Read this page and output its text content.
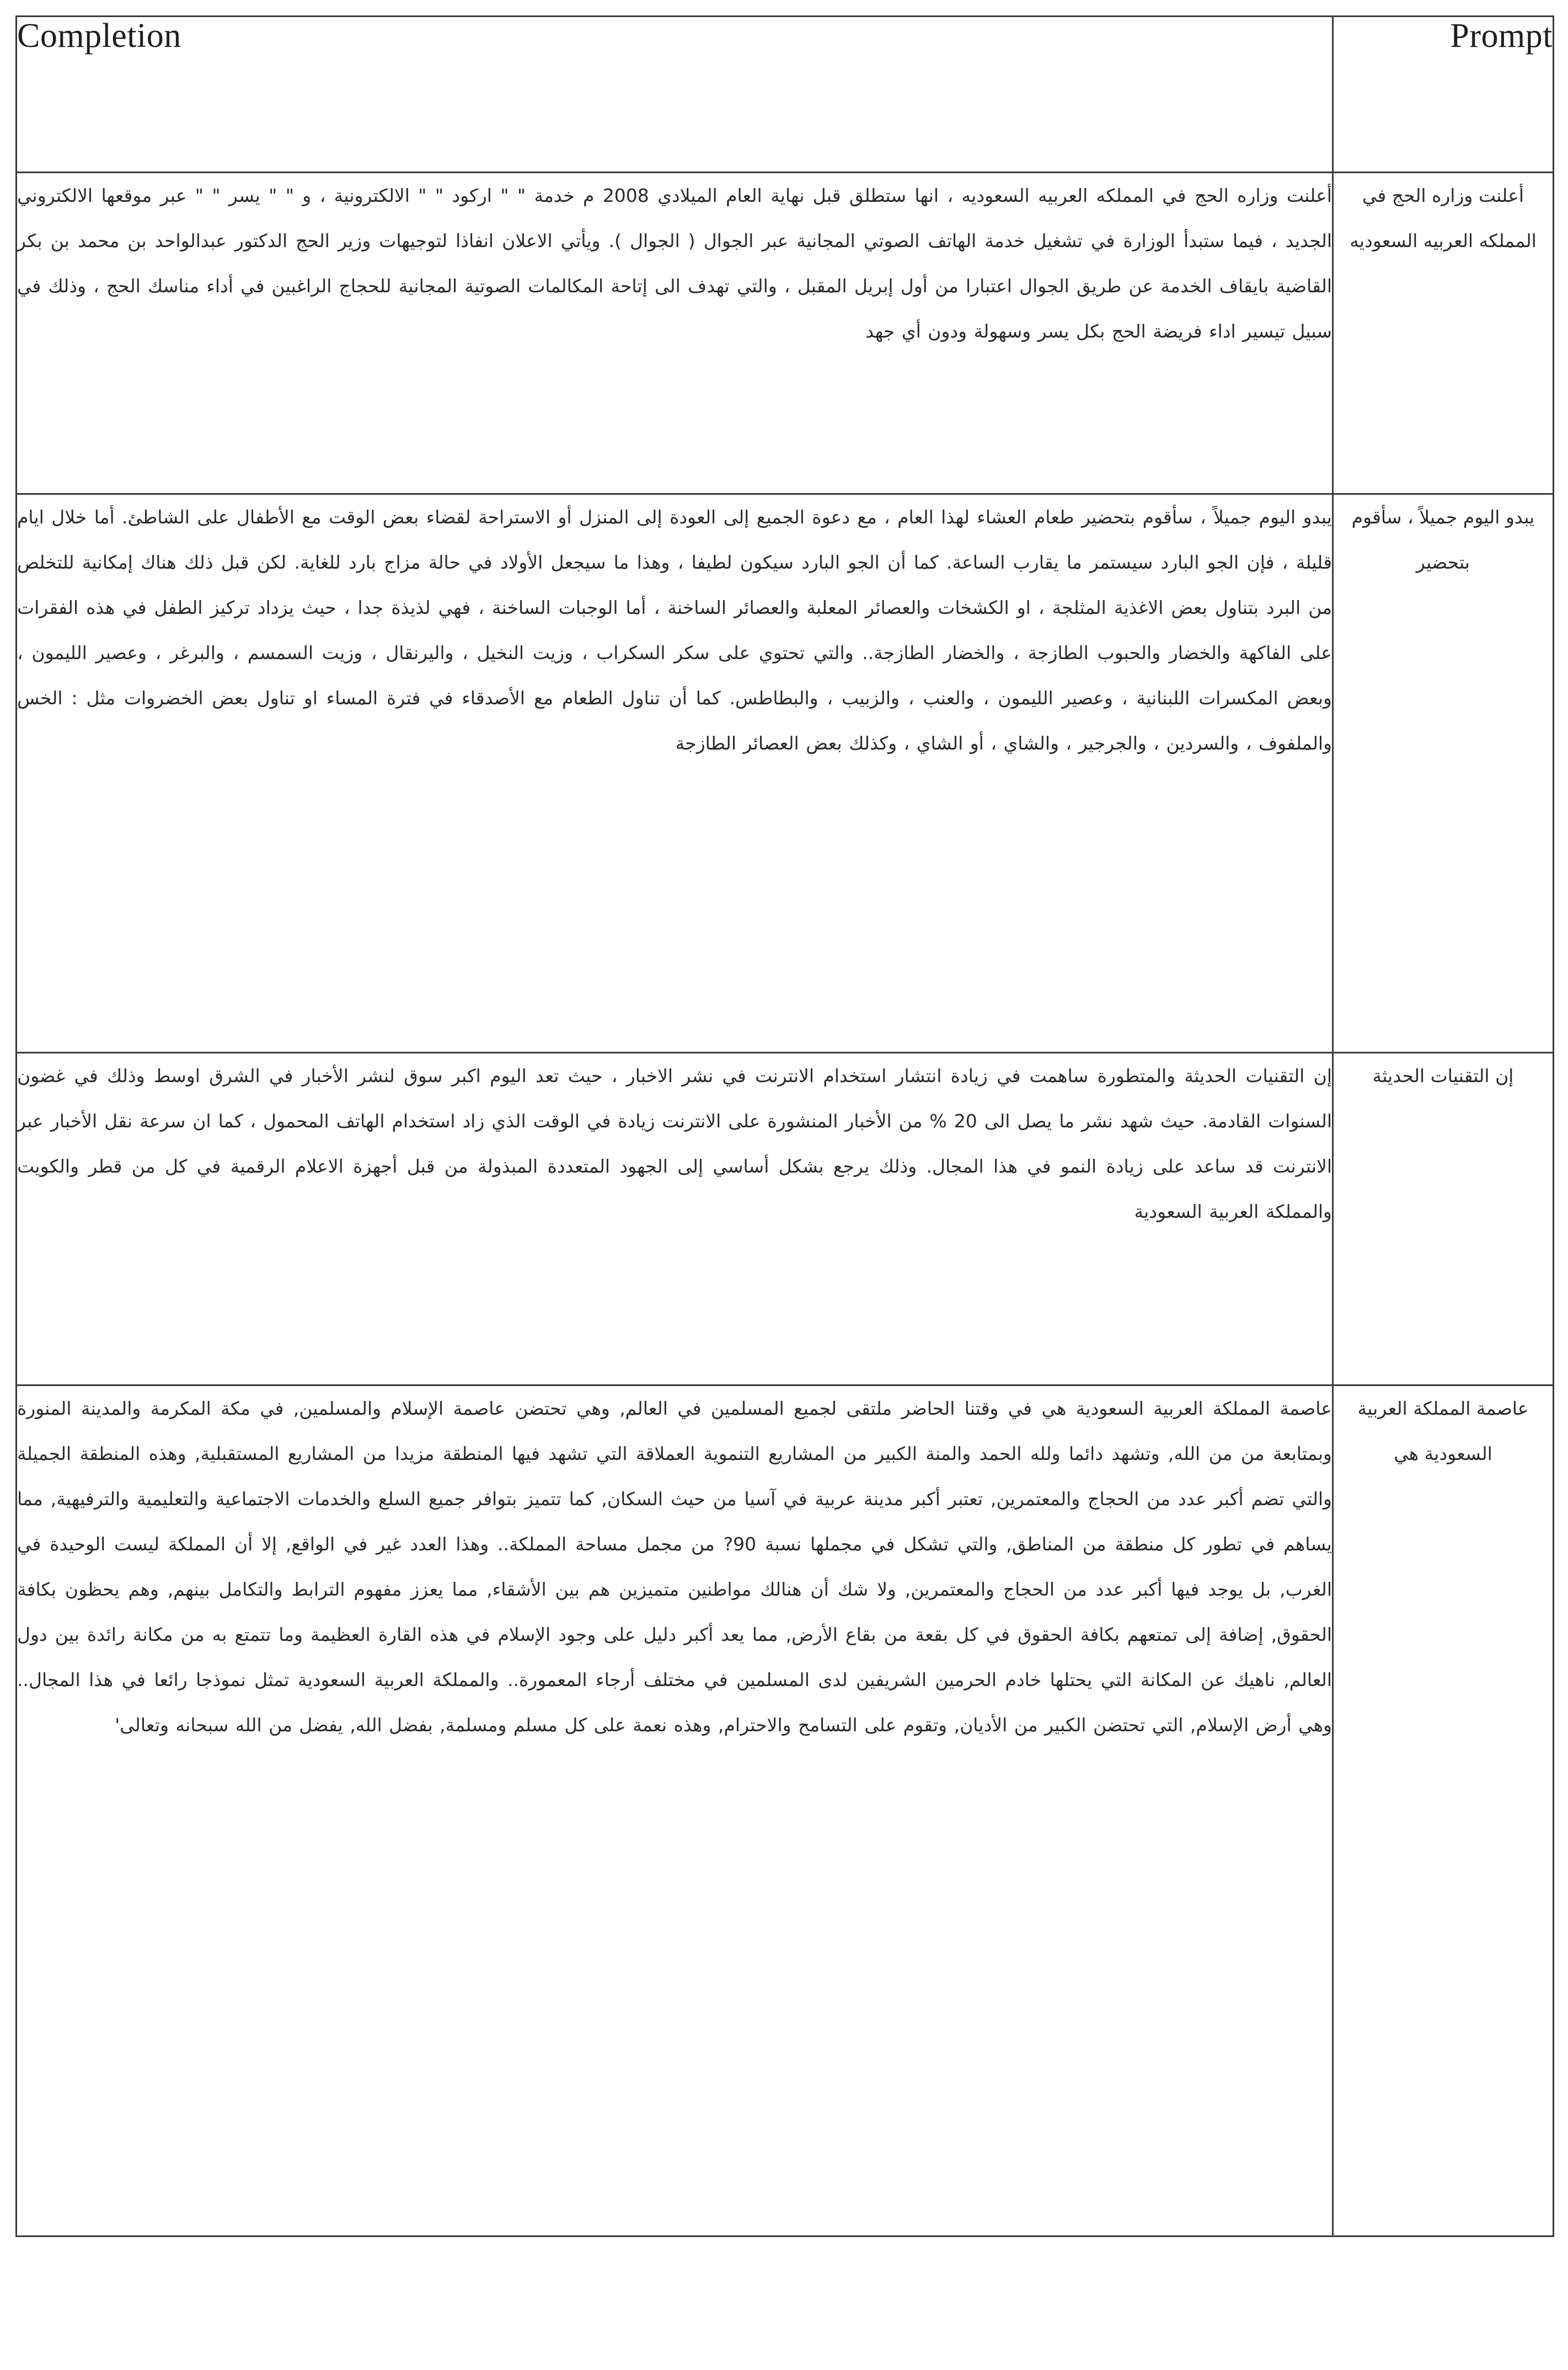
Completion	Prompt
أعلنت وزاره الحج في المملكه العربيه السعوديه ، انها ستطلق قبل نهاية العام الميلادي 2008 م خدمة " " اركود " " الالكترونية ، و " " يسر " " عبر موقعها الالكتروني الجديد ، فيما ستبدأ الوزارة في تشغيل خدمة الهاتف الصوتي المجانية عبر الجوال ( الجوال ). ويأتي الاعلان انفاذا لتوجيهات وزير الحج الدكتور عبدالواحد بن محمد بن بكر القاضية بايقاف الخدمة عن طريق الجوال اعتبارا من أول إبريل المقبل ، والتي تهدف الى إتاحة المكالمات الصوتية المجانية للحجاج الراغبين في أداء مناسك الحج ، وذلك في سبيل تيسير اداء فريضة الحج بكل يسر وسهولة ودون أي جهد	أعلنت وزاره الحج في المملكه العربيه السعوديه
يبدو اليوم جميلاً ، سأقوم بتحضير طعام العشاء لهذا العام ، مع دعوة الجميع إلى العودة إلى المنزل أو الاستراحة لقضاء بعض الوقت مع الأطفال على الشاطئ. أما خلال ايام قليلة ، فإن الجو البارد سيستمر ما يقارب الساعة. كما أن الجو البارد سيكون لطيفا ، وهذا ما سيجعل الأولاد في حالة مزاج بارد للغاية. لكن قبل ذلك هناك إمكانية للتخلص من البرد بتناول بعض الاغذية المثلجة ، او الكشخات والعصائر المعلبة والعصائر الساخنة ، أما الوجبات الساخنة ، فهي لذيذة جدا ، حيث يزداد تركيز الطفل في هذه الفقرات على الفاكهة والخضار والحبوب الطازجة ، والخضار الطازجة.. والتي تحتوي على سكر السكراب ، وزيت النخيل ، واليرنقال ، وزيت السمسم ، والبرغر ، وعصير الليمون ، وبعض المكسرات اللبنانية ، وعصير الليمون ، والعنب ، والزبيب ، والبطاطس. كما أن تناول الطعام مع الأصدقاء في فترة المساء او تناول بعض الخضروات مثل : الخس والملفوف ، والسردين ، والجرجير ، والشاي ، أو الشاي ، وكذلك بعض العصائر الطازجة	يبدو اليوم جميلاً ، سأقوم بتحضير
إن التقنيات الحديثة والمتطورة ساهمت في زيادة انتشار استخدام الانترنت في نشر الاخبار ، حيث تعد اليوم اكبر سوق لنشر الأخبار في الشرق اوسط وذلك في غضون السنوات القادمة. حيث شهد نشر ما يصل الى 20 % من الأخبار المنشورة على الانترنت زيادة في الوقت الذي زاد استخدام الهاتف المحمول ، كما ان سرعة نقل الأخبار عبر الانترنت قد ساعد على زيادة النمو في هذا المجال. وذلك يرجع بشكل أساسي إلى الجهود المتعددة المبذولة من قبل أجهزة الاعلام الرقمية في كل من قطر والكويت والمملكة العربية السعودية	إن التقنيات الحديثة
عاصمة المملكة العربية السعودية هي في وقتنا الحاضر ملتقى لجميع المسلمين في العالم, وهي تحتضن عاصمة الإسلام والمسلمين, في مكة المكرمة والمدينة المنورة وبمتابعة من من الله, وتشهد دائما ولله الحمد والمنة الكبير من المشاريع التنموية العملاقة التي تشهد فيها المنطقة مزيدا من المشاريع المستقبلية, وهذه المنطقة الجميلة والتي تضم أكبر عدد من الحجاج والمعتمرين, تعتبر أكبر مدينة عربية في آسيا من حيث السكان, كما تتميز بتوافر جميع السلع والخدمات الاجتماعية والتعليمية والترفيهية, مما يساهم في تطور كل منطقة من المناطق, والتي تشكل في مجملها نسبة 90? من مجمل مساحة المملكة.. وهذا العدد غير في الواقع, إلا أن المملكة ليست الوحيدة في الغرب, بل يوجد فيها أكبر عدد من الحجاج والمعتمرين, ولا شك أن هنالك مواطنين متميزين هم بين الأشقاء, مما يعزز مفهوم الترابط والتكامل بينهم, وهم يحظون بكافة الحقوق, إضافة إلى تمتعهم بكافة الحقوق في كل بقعة من بقاع الأرض, مما يعد أكبر دليل على وجود الإسلام في هذه القارة العظيمة وما تتمتع به من مكانة رائدة بين دول العالم, ناهيك عن المكانة التي يحتلها خادم الحرمين الشريفين لدى المسلمين في مختلف أرجاء المعمورة.. والمملكة العربية السعودية تمثل نموذجا رائعا في هذا المجال.. وهي أرض الإسلام, التي تحتضن الكبير من الأديان, وتقوم على التسامح والاحترام, وهذه نعمة على كل مسلم ومسلمة, بفضل الله, يفضل من الله سبحانه وتعالى'	عاصمة المملكة العربية السعودية هي
